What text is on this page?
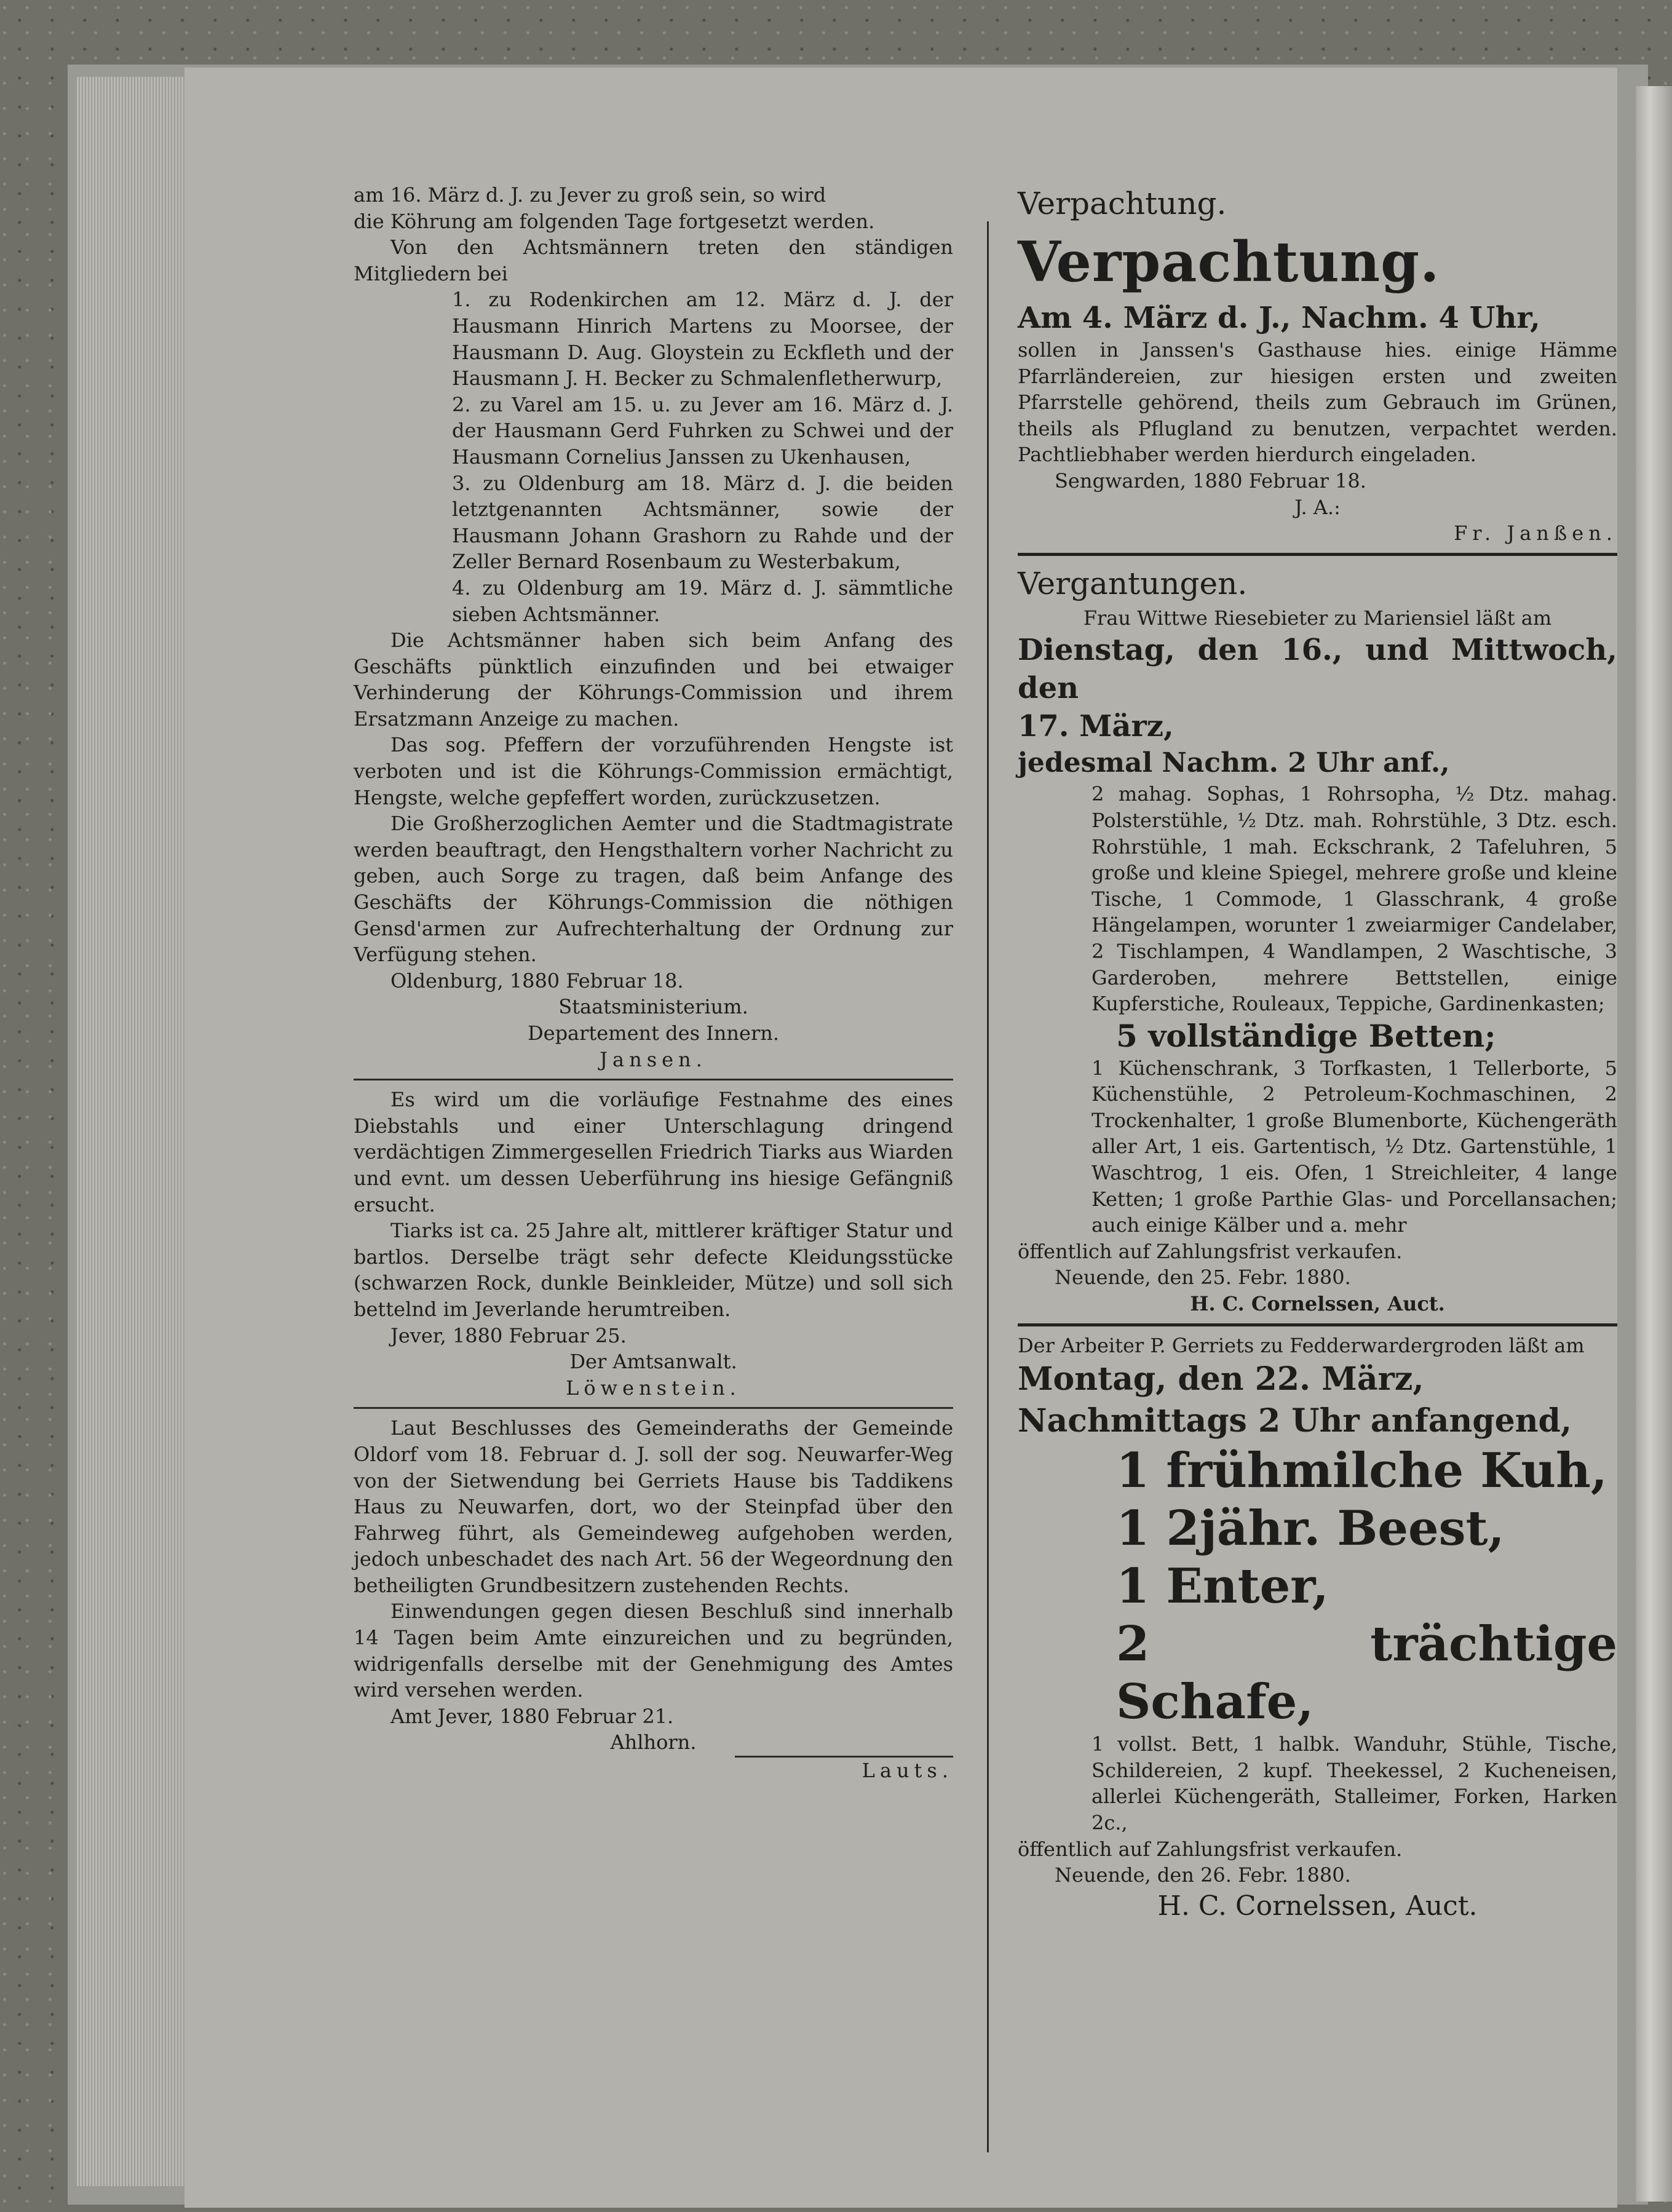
am 16. März d. J. zu Jever zu groß sein, so wird

die Köhrung am folgenden Tage fortgesetzt werden.

Von den Achtsmännern treten den ständigen Mitgliedern bei

1. zu Rodenkirchen am 12. März d. J. der Hausmann Hinrich Martens zu Moorsee, der Hausmann D. Aug. Gloystein zu Eckfleth und der Hausmann J. H. Becker zu Schmalenfletherwurp,

2. zu Varel am 15. u. zu Jever am 16. März d. J. der Hausmann Gerd Fuhrken zu Schwei und der Hausmann Cornelius Janssen zu Ukenhausen,

3. zu Oldenburg am 18. März d. J. die beiden letztgenannten Achtsmänner, sowie der Hausmann Johann Grashorn zu Rahde und der Zeller Bernard Rosenbaum zu Westerbakum,

4. zu Oldenburg am 19. März d. J. sämmtliche sieben Achtsmänner.

Die Achtsmänner haben sich beim Anfang des Geschäfts pünktlich einzufinden und bei etwaiger Verhinderung der Köhrungs-Commission und ihrem Ersatzmann Anzeige zu machen.

Das sog. Pfeffern der vorzuführenden Hengste ist verboten und ist die Köhrungs-Commission ermächtigt, Hengste, welche gepfeffert worden, zurückzusetzen.

Die Großherzoglichen Aemter und die Stadtmagistrate werden beauftragt, den Hengsthaltern vorher Nachricht zu geben, auch Sorge zu tragen, daß beim Anfange des Geschäfts der Köhrungs-Commission die nöthigen Gensd'armen zur Aufrechterhaltung der Ordnung zur Verfügung stehen.

Oldenburg, 1880 Februar 18.

Staatsministerium.

Departement des Innern.

Jansen.

Es wird um die vorläufige Festnahme des eines Diebstahls und einer Unterschlagung dringend verdächtigen Zimmergesellen Friedrich Tiarks aus Wiarden und evnt. um dessen Ueberführung ins hiesige Gefängniß ersucht.

Tiarks ist ca. 25 Jahre alt, mittlerer kräftiger Statur und bartlos. Derselbe trägt sehr defecte Kleidungsstücke (schwarzen Rock, dunkle Beinkleider, Mütze) und soll sich bettelnd im Jeverlande herumtreiben.

Jever, 1880 Februar 25.

Der Amtsanwalt.

Löwenstein.

Laut Beschlusses des Gemeinderaths der Gemeinde Oldorf vom 18. Februar d. J. soll der sog. Neuwarfer-Weg von der Sietwendung bei Gerriets Hause bis Taddikens Haus zu Neuwarfen, dort, wo der Steinpfad über den Fahrweg führt, als Gemeindeweg aufgehoben werden, jedoch unbeschadet des nach Art. 56 der Wegeordnung den betheiligten Grundbesitzern zustehenden Rechts.

Einwendungen gegen diesen Beschluß sind innerhalb 14 Tagen beim Amte einzureichen und zu begründen, widrigenfalls derselbe mit der Genehmigung des Amtes wird versehen werden.

Amt Jever, 1880 Februar 21.

Ahlhorn.

Lauts.

Verpachtung.

Verpachtung.

Am 4. März d. J., Nachm. 4 Uhr,

sollen in Janssen's Gasthause hies. einige Hämme Pfarrländereien, zur hiesigen ersten und zweiten Pfarrstelle gehörend, theils zum Gebrauch im Grünen, theils als Pflugland zu benutzen, verpachtet werden. Pachtliebhaber werden hierdurch eingeladen.

Sengwarden, 1880 Februar 18.

J. A.:

Fr. Janßen.

Vergantungen.

Frau Wittwe Riesebieter zu Mariensiel läßt am

Dienstag, den 16., und Mittwoch, den

17. März,

jedesmal Nachm. 2 Uhr anf.,

2 mahag. Sophas, 1 Rohrsopha, ½ Dtz. mahag. Polsterstühle, ½ Dtz. mah. Rohrstühle, 3 Dtz. esch. Rohrstühle, 1 mah. Eckschrank, 2 Tafeluhren, 5 große und kleine Spiegel, mehrere große und kleine Tische, 1 Commode, 1 Glasschrank, 4 große Hängelampen, worunter 1 zweiarmiger Candelaber, 2 Tischlampen, 4 Wandlampen, 2 Waschtische, 3 Garderoben, mehrere Bettstellen, einige Kupferstiche, Rouleaux, Teppiche, Gardinenkasten;

5 vollständige Betten;

1 Küchenschrank, 3 Torfkasten, 1 Tellerborte, 5 Küchenstühle, 2 Petroleum-Kochmaschinen, 2 Trockenhalter, 1 große Blumenborte, Küchengeräth aller Art, 1 eis. Gartentisch, ½ Dtz. Gartenstühle, 1 Waschtrog, 1 eis. Ofen, 1 Streichleiter, 4 lange Ketten; 1 große Parthie Glas- und Porcellansachen; auch einige Kälber und a. mehr

öffentlich auf Zahlungsfrist verkaufen.

Neuende, den 25. Febr. 1880.

H. C. Cornelssen, Auct.

Der Arbeiter P. Gerriets zu Fedderwardergroden läßt am

Montag, den 22. März,

Nachmittags 2 Uhr anfangend,

1 frühmilche Kuh,

1 2jähr. Beest,

1 Enter,

2 trächtige Schafe,

1 vollst. Bett, 1 halbk. Wanduhr, Stühle, Tische, Schildereien, 2 kupf. Theekessel, 2 Kucheneisen, allerlei Küchengeräth, Stalleimer, Forken, Harken 2c.,

öffentlich auf Zahlungsfrist verkaufen.

Neuende, den 26. Febr. 1880.

H. C. Cornelssen, Auct.
